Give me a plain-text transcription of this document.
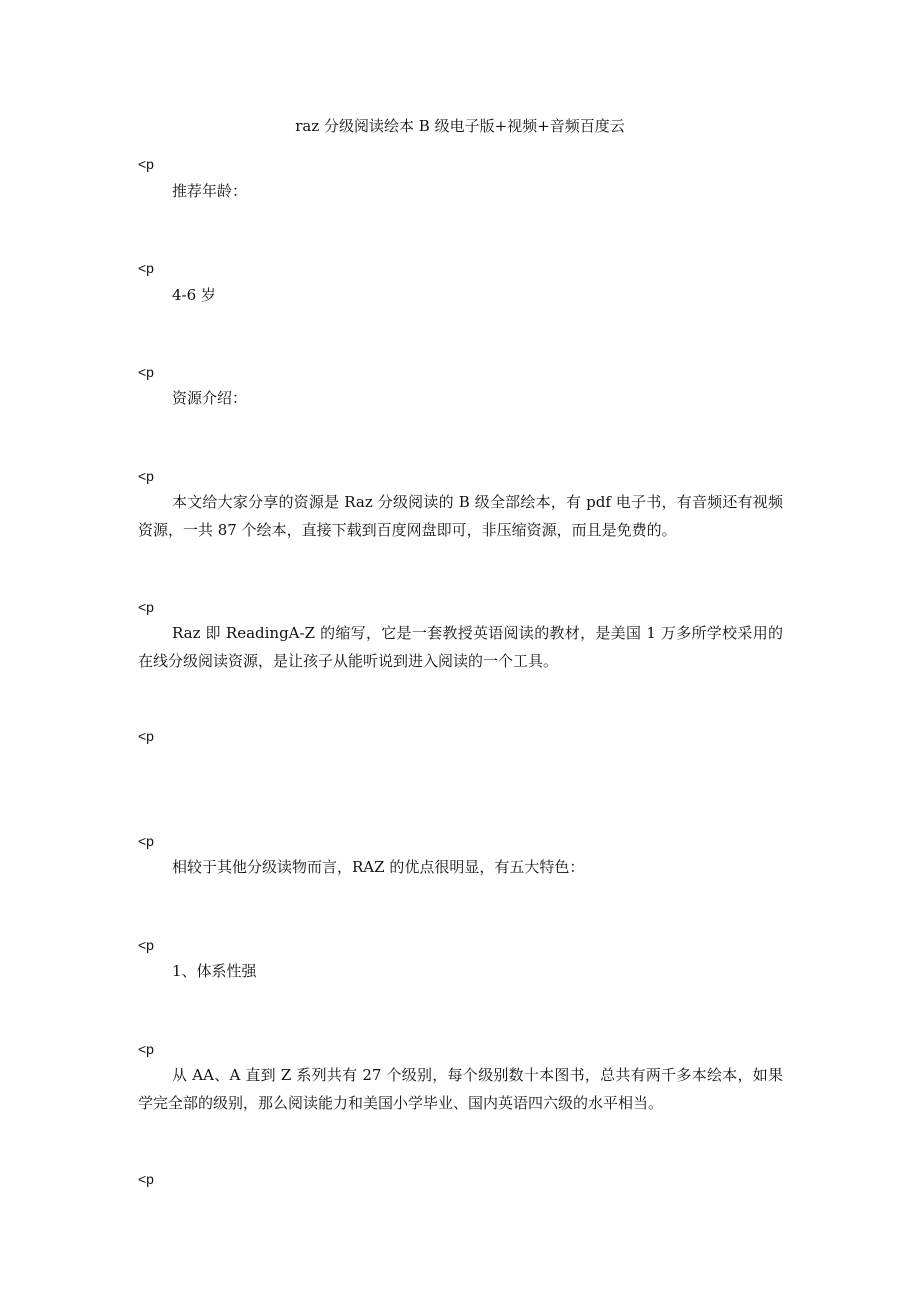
raz 分级阅读绘本 B 级电子版+视频+音频百度云
<p
推荐年龄：
<p
4-6 岁
<p
资源介绍：
<p
本文给大家分享的资源是 Raz 分级阅读的 B 级全部绘本，有 pdf 电子书，有音频还有视频资源，一共 87 个绘本，直接下载到百度网盘即可，非压缩资源，而且是免费的。
<p
Raz 即 ReadingA-Z 的缩写，它是一套教授英语阅读的教材，是美国 1 万多所学校采用的在线分级阅读资源，是让孩子从能听说到进入阅读的一个工具。
<p
<p
相较于其他分级读物而言，RAZ 的优点很明显，有五大特色：
<p
1、体系性强
<p
从 AA、A 直到 Z 系列共有 27 个级别，每个级别数十本图书，总共有两千多本绘本，如果学完全部的级别，那么阅读能力和美国小学毕业、国内英语四六级的水平相当。
<p
